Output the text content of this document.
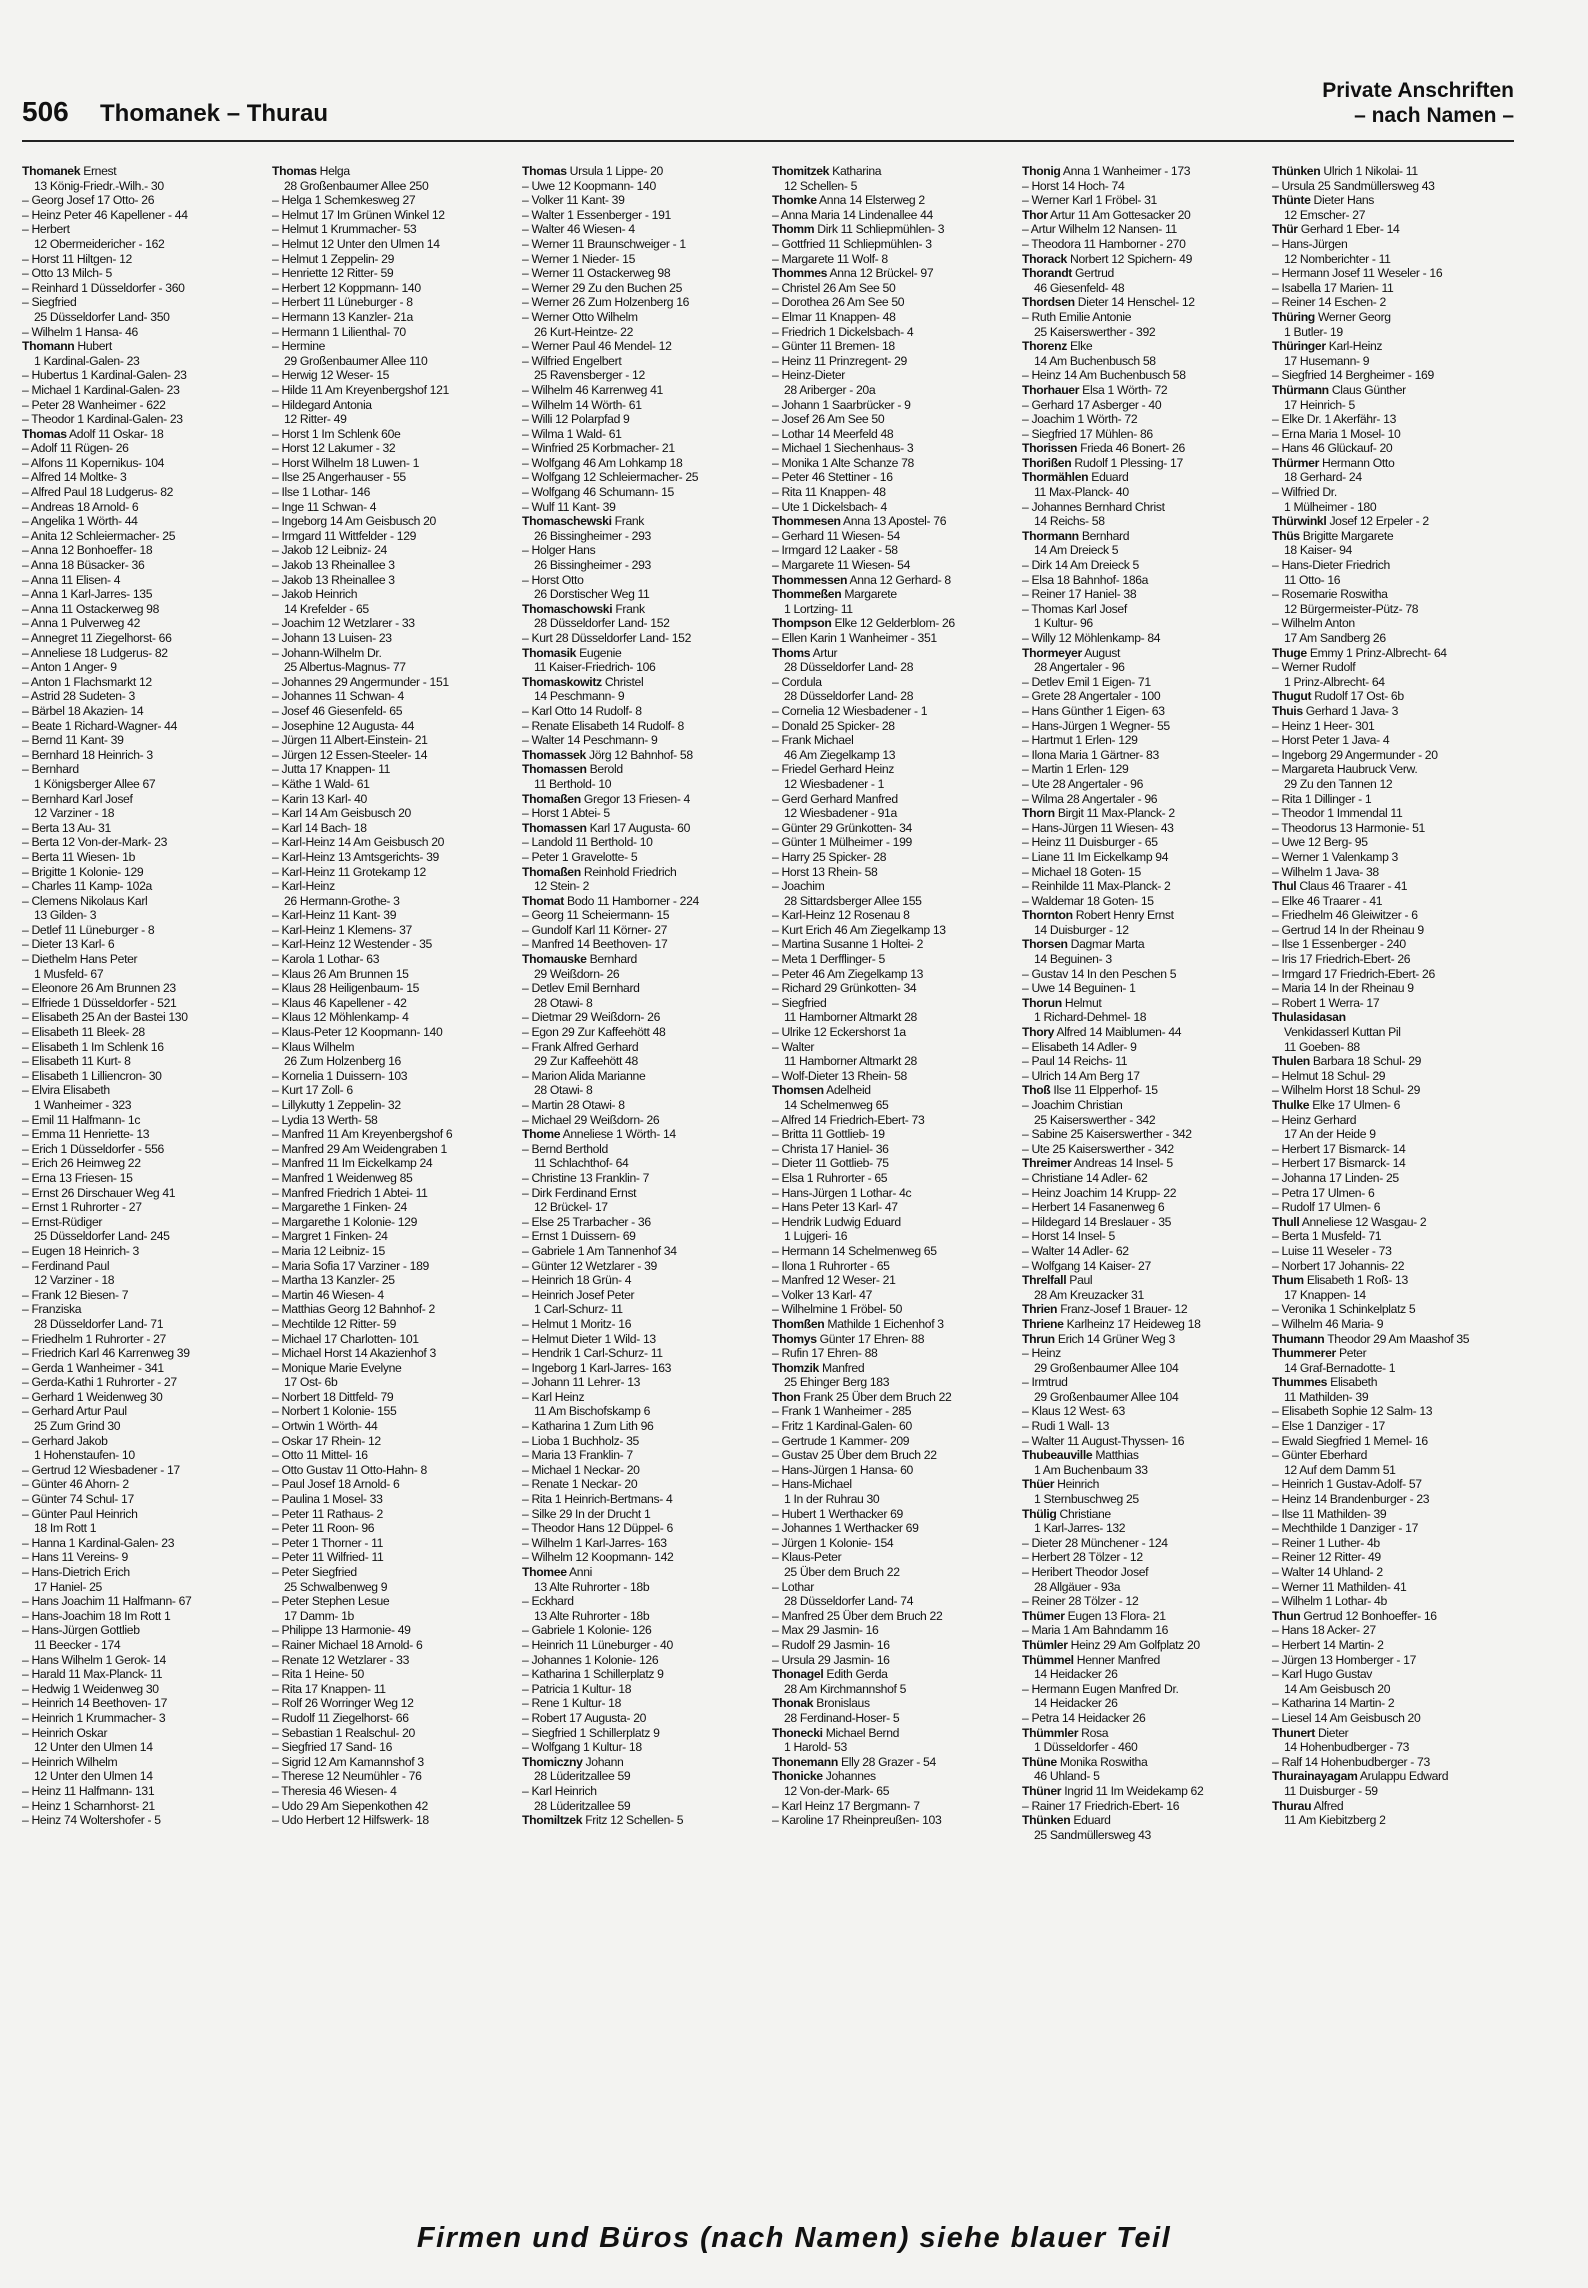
506 Thomanek – Thurau
Private Anschriften
– nach Namen –
Thomanek Ernest
13 König-Friedr.-Wilh.- 30
– Georg Josef 17 Otto- 26
– Heinz Peter 46 Kapellener - 44
– Herbert
12 Obermeidericher - 162
– Horst 11 Hiltgen- 12
– Otto 13 Milch- 5
– Reinhard 1 Düsseldorfer - 360
– Siegfried
25 Düsseldorfer Land- 350
– Wilhelm 1 Hansa- 46
Thomann Hubert
1 Kardinal-Galen- 23
– Hubertus 1 Kardinal-Galen- 23
– Michael 1 Kardinal-Galen- 23
– Peter 28 Wanheimer - 622
– Theodor 1 Kardinal-Galen- 23
Thomas Adolf 11 Oskar- 18
– Adolf 11 Rügen- 26
– Alfons 11 Kopernikus- 104
– Alfred 14 Moltke- 3
– Alfred Paul 18 Ludgerus- 82
– Andreas 18 Arnold- 6
– Angelika 1 Wörth- 44
– Anita 12 Schleiermacher- 25
– Anna 12 Bonhoeffer- 18
– Anna 18 Büsacker- 36
– Anna 11 Elisen- 4
– Anna 1 Karl-Jarres- 135
– Anna 11 Ostackerweg 98
– Anna 1 Pulverweg 42
– Annegret 11 Ziegelhorst- 66
– Anneliese 18 Ludgerus- 82
– Anton 1 Anger- 9
– Anton 1 Flachsmarkt 12
– Astrid 28 Sudeten- 3
– Bärbel 18 Akazien- 14
– Beate 1 Richard-Wagner- 44
– Bernd 11 Kant- 39
– Bernhard 18 Heinrich- 3
– Bernhard
1 Königsberger Allee 67
– Bernhard Karl Josef
12 Varziner - 18
– Berta 13 Au- 31
– Berta 12 Von-der-Mark- 23
– Berta 11 Wiesen- 1b
– Brigitte 1 Kolonie- 129
– Charles 11 Kamp- 102a
– Clemens Nikolaus Karl
13 Gilden- 3
– Detlef 11 Lüneburger - 8
– Dieter 13 Karl- 6
– Diethelm Hans Peter
1 Musfeld- 67
– Eleonore 26 Am Brunnen 23
– Elfriede 1 Düsseldorfer - 521
– Elisabeth 25 An der Bastei 130
– Elisabeth 11 Bleek- 28
– Elisabeth 1 Im Schlenk 16
– Elisabeth 11 Kurt- 8
– Elisabeth 1 Lilliencron- 30
– Elvira Elisabeth
1 Wanheimer - 323
– Emil 11 Halfmann- 1c
– Emma 11 Henriette- 13
– Erich 1 Düsseldorfer - 556
– Erich 26 Heimweg 22
– Erna 13 Friesen- 15
– Ernst 26 Dirschauer Weg 41
– Ernst 1 Ruhrorter - 27
– Ernst-Rüdiger
25 Düsseldorfer Land- 245
– Eugen 18 Heinrich- 3
– Ferdinand Paul
12 Varziner - 18
– Frank 12 Biesen- 7
– Franziska
28 Düsseldorfer Land- 71
– Friedhelm 1 Ruhrorter - 27
– Friedrich Karl 46 Karrenweg 39
– Gerda 1 Wanheimer - 341
– Gerda-Kathi 1 Ruhrorter - 27
– Gerhard 1 Weidenweg 30
– Gerhard Artur Paul
25 Zum Grind 30
– Gerhard Jakob
1 Hohenstaufen- 10
– Gertrud 12 Wiesbadener - 17
– Günter 46 Ahorn- 2
– Günter 74 Schul- 17
– Günter Paul Heinrich
18 Im Rott 1
– Hanna 1 Kardinal-Galen- 23
– Hans 11 Vereins- 9
– Hans-Dietrich Erich
17 Haniel- 25
– Hans Joachim 11 Halfmann- 67
– Hans-Joachim 18 Im Rott 1
– Hans-Jürgen Gottlieb
11 Beecker - 174
– Hans Wilhelm 1 Gerok- 14
– Harald 11 Max-Planck- 11
– Hedwig 1 Weidenweg 30
– Heinrich 14 Beethoven- 17
– Heinrich 1 Krummacher- 3
– Heinrich Oskar
12 Unter den Ulmen 14
– Heinrich Wilhelm
12 Unter den Ulmen 14
– Heinz 11 Halfmann- 131
– Heinz 1 Scharnhorst- 21
– Heinz 74 Woltershofer - 5
Thomas Helga
28 Großenbaumer Allee 250
– Helga 1 Schemkesweg 27
– Helmut 17 Im Grünen Winkel 12
– Helmut 1 Krummacher- 53
– Helmut 12 Unter den Ulmen 14
– Helmut 1 Zeppelin- 29
– Henriette 12 Ritter- 59
– Herbert 12 Koppmann- 140
– Herbert 11 Lüneburger - 8
– Hermann 13 Kanzler- 21a
– Hermann 1 Lilienthal- 70
– Hermine
29 Großenbaumer Allee 110
– Herwig 12 Weser- 15
– Hilde 11 Am Kreyenbergshof 121
– Hildegard Antonia
12 Ritter- 49
– Horst 1 Im Schlenk 60e
– Horst 12 Lakumer - 32
– Horst Wilhelm 18 Luwen- 1
– Ilse 25 Angerhauser - 55
– Ilse 1 Lothar- 146
– Inge 11 Schwan- 4
– Ingeborg 14 Am Geisbusch 20
– Irmgard 11 Wittfelder - 129
– Jakob 12 Leibniz- 24
– Jakob 13 Rheinallee 3
– Jakob 13 Rheinallee 3
– Jakob Heinrich
14 Krefelder - 65
– Joachim 12 Wetzlarer - 33
– Johann 13 Luisen- 23
– Johann-Wilhelm Dr.
25 Albertus-Magnus- 77
– Johannes 29 Angermunder - 151
– Johannes 11 Schwan- 4
– Josef 46 Giesenfeld- 65
– Josephine 12 Augusta- 44
– Jürgen 11 Albert-Einstein- 21
– Jürgen 12 Essen-Steeler- 14
– Jutta 17 Knappen- 11
– Käthe 1 Wald- 61
– Karin 13 Karl- 40
– Karl 14 Am Geisbusch 20
– Karl 14 Bach- 18
– Karl-Heinz 14 Am Geisbusch 20
– Karl-Heinz 13 Amtsgerichts- 39
– Karl-Heinz 11 Grotekamp 12
– Karl-Heinz
26 Hermann-Grothe- 3
– Karl-Heinz 11 Kant- 39
– Karl-Heinz 1 Klemens- 37
– Karl-Heinz 12 Westender - 35
– Karola 1 Lothar- 63
– Klaus 26 Am Brunnen 15
– Klaus 28 Heiligenbaum- 15
– Klaus 46 Kapellener - 42
– Klaus 12 Möhlenkamp- 4
– Klaus-Peter 12 Koopmann- 140
– Klaus Wilhelm
26 Zum Holzenberg 16
– Kornelia 1 Duissern- 103
– Kurt 17 Zoll- 6
– Lillykutty 1 Zeppelin- 32
– Lydia 13 Werth- 58
– Manfred 11 Am Kreyenbergshof 6
– Manfred 29 Am Weidengraben 1
– Manfred 11 Im Eickelkamp 24
– Manfred 1 Weidenweg 85
– Manfred Friedrich 1 Abtei- 11
– Margarethe 1 Finken- 24
– Margarethe 1 Kolonie- 129
– Margret 1 Finken- 24
– Maria 12 Leibniz- 15
– Maria Sofia 17 Varziner - 189
– Martha 13 Kanzler- 25
– Martin 46 Wiesen- 4
– Matthias Georg 12 Bahnhof- 2
– Mechtilde 12 Ritter- 59
– Michael 17 Charlotten- 101
– Michael Horst 14 Akazienhof 3
– Monique Marie Evelyne
17 Ost- 6b
– Norbert 18 Dittfeld- 79
– Norbert 1 Kolonie- 155
– Ortwin 1 Wörth- 44
– Oskar 17 Rhein- 12
– Otto 11 Mittel- 16
– Otto Gustav 11 Otto-Hahn- 8
– Paul Josef 18 Arnold- 6
– Paulina 1 Mosel- 33
– Peter 11 Rathaus- 2
– Peter 11 Roon- 96
– Peter 1 Thorner - 11
– Peter 11 Wilfried- 11
– Peter Siegfried
25 Schwalbenweg 9
– Peter Stephen Lesue
17 Damm- 1b
– Philippe 13 Harmonie- 49
– Rainer Michael 18 Arnold- 6
– Renate 12 Wetzlarer - 33
– Rita 1 Heine- 50
– Rita 17 Knappen- 11
– Rolf 26 Worringer Weg 12
– Rudolf 11 Ziegelhorst- 66
– Sebastian 1 Realschul- 20
– Siegfried 17 Sand- 16
– Sigrid 12 Am Kamannshof 3
– Therese 12 Neumühler - 76
– Theresia 46 Wiesen- 4
– Udo 29 Am Siepenkothen 42
– Udo Herbert 12 Hilfswerk- 18
Thomas Ursula 1 Lippe- 20
– Uwe 12 Koopmann- 140
– Volker 11 Kant- 39
– Walter 1 Essenberger - 191
– Walter 46 Wiesen- 4
– Werner 11 Braunschweiger - 1
– Werner 1 Nieder- 15
– Werner 11 Ostackerweg 98
– Werner 29 Zu den Buchen 25
– Werner 26 Zum Holzenberg 16
– Werner Otto Wilhelm
26 Kurt-Heintze- 22
– Werner Paul 46 Mendel- 12
– Wilfried Engelbert
25 Ravensberger - 12
– Wilhelm 46 Karrenweg 41
– Wilhelm 14 Wörth- 61
– Willi 12 Polarpfad 9
– Wilma 1 Wald- 61
– Winfried 25 Korbmacher- 21
– Wolfgang 46 Am Lohkamp 18
– Wolfgang 12 Schleiermacher- 25
– Wolfgang 46 Schumann- 15
– Wulf 11 Kant- 39
Thomaschewski Frank
26 Bissingheimer - 293
– Holger Hans
26 Bissingheimer - 293
– Horst Otto
26 Dorstischer Weg 11
Thomaschowski Frank
28 Düsseldorfer Land- 152
– Kurt 28 Düsseldorfer Land- 152
Thomasik Eugenie
11 Kaiser-Friedrich- 106
Thomaskowitz Christel
14 Peschmann- 9
– Karl Otto 14 Rudolf- 8
– Renate Elisabeth 14 Rudolf- 8
– Walter 14 Peschmann- 9
Thomassek Jörg 12 Bahnhof- 58
Thomassen Berold
11 Berthold- 10
Thomaßen Gregor 13 Friesen- 4
– Horst 1 Abtei- 5
Thomassen Karl 17 Augusta- 60
– Landold 11 Berthold- 10
– Peter 1 Gravelotte- 5
Thomaßen Reinhold Friedrich
12 Stein- 2
Thomat Bodo 11 Hamborner - 224
– Georg 11 Scheiermann- 15
– Gundolf Karl 11 Körner- 27
– Manfred 14 Beethoven- 17
Thomauske Bernhard
29 Weißdorn- 26
– Detlev Emil Bernhard
28 Otawi- 8
– Dietmar 29 Weißdorn- 26
– Egon 29 Zur Kaffeehött 48
– Frank Alfred Gerhard
29 Zur Kaffeehött 48
– Marion Alida Marianne
28 Otawi- 8
– Martin 28 Otawi- 8
– Michael 29 Weißdorn- 26
Thome Anneliese 1 Wörth- 14
– Bernd Berthold
11 Schlachthof- 64
– Christine 13 Franklin- 7
– Dirk Ferdinand Ernst
12 Brückel- 17
– Else 25 Trarbacher - 36
– Ernst 1 Duissern- 69
– Gabriele 1 Am Tannenhof 34
– Günter 12 Wetzlarer - 39
– Heinrich 18 Grün- 4
– Heinrich Josef Peter
1 Carl-Schurz- 11
– Helmut 1 Moritz- 16
– Helmut Dieter 1 Wild- 13
– Hendrik 1 Carl-Schurz- 11
– Ingeborg 1 Karl-Jarres- 163
– Johann 11 Lehrer- 13
– Karl Heinz
11 Am Bischofskamp 6
– Katharina 1 Zum Lith 96
– Lioba 1 Buchholz- 35
– Maria 13 Franklin- 7
– Michael 1 Neckar- 20
– Renate 1 Neckar- 20
– Rita 1 Heinrich-Bertmans- 4
– Silke 29 In der Drucht 1
– Theodor Hans 12 Düppel- 6
– Wilhelm 1 Karl-Jarres- 163
– Wilhelm 12 Koopmann- 142
Thomee Anni
13 Alte Ruhrorter - 18b
– Eckhard
13 Alte Ruhrorter - 18b
– Gabriele 1 Kolonie- 126
– Heinrich 11 Lüneburger - 40
– Johannes 1 Kolonie- 126
– Katharina 1 Schillerplatz 9
– Patricia 1 Kultur- 18
– Rene 1 Kultur- 18
– Robert 17 Augusta- 20
– Siegfried 1 Schillerplatz 9
– Wolfgang 1 Kultur- 18
Thomiczny Johann
28 Lüderitzallee 59
– Karl Heinrich
28 Lüderitzallee 59
Thomiltzek Fritz 12 Schellen- 5
Thomitzek Katharina
12 Schellen- 5
Thomke Anna 14 Elsterweg 2
– Anna Maria 14 Lindenallee 44
Thomm Dirk 11 Schliepmühlen- 3
– Gottfried 11 Schliepmühlen- 3
– Margarete 11 Wolf- 8
Thommes Anna 12 Brückel- 97
– Christel 26 Am See 50
– Dorothea 26 Am See 50
– Elmar 11 Knappen- 48
– Friedrich 1 Dickelsbach- 4
– Günter 11 Bremen- 18
– Heinz 11 Prinzregent- 29
– Heinz-Dieter
28 Ariberger - 20a
– Johann 1 Saarbrücker - 9
– Josef 26 Am See 50
– Lothar 14 Meerfeld 48
– Michael 1 Siechenhaus- 3
– Monika 1 Alte Schanze 78
– Peter 46 Stettiner - 16
– Rita 11 Knappen- 48
– Ute 1 Dickelsbach- 4
Thommesen Anna 13 Apostel- 76
– Gerhard 11 Wiesen- 54
– Irmgard 12 Laaker - 58
– Margarete 11 Wiesen- 54
Thommessen Anna 12 Gerhard- 8
Thommeßen Margarete
1 Lortzing- 11
Thompson Elke 12 Gelderblom- 26
– Ellen Karin 1 Wanheimer - 351
Thoms Artur
28 Düsseldorfer Land- 28
– Cordula
28 Düsseldorfer Land- 28
– Cornelia 12 Wiesbadener - 1
– Donald 25 Spicker- 28
– Frank Michael
46 Am Ziegelkamp 13
– Friedel Gerhard Heinz
12 Wiesbadener - 1
– Gerd Gerhard Manfred
12 Wiesbadener - 91a
– Günter 29 Grünkotten- 34
– Günter 1 Mülheimer - 199
– Harry 25 Spicker- 28
– Horst 13 Rhein- 58
– Joachim
28 Sittardsberger Allee 155
– Karl-Heinz 12 Rosenau 8
– Kurt Erich 46 Am Ziegelkamp 13
– Martina Susanne 1 Holtei- 2
– Meta 1 Derfflinger- 5
– Peter 46 Am Ziegelkamp 13
– Richard 29 Grünkotten- 34
– Siegfried
11 Hamborner Altmarkt 28
– Ulrike 12 Eckershorst 1a
– Walter
11 Hamborner Altmarkt 28
– Wolf-Dieter 13 Rhein- 58
Thomsen Adelheid
14 Schelmenweg 65
– Alfred 14 Friedrich-Ebert- 73
– Britta 11 Gottlieb- 19
– Christa 17 Haniel- 36
– Dieter 11 Gottlieb- 75
– Elsa 1 Ruhrorter - 65
– Hans-Jürgen 1 Lothar- 4c
– Hans Peter 13 Karl- 47
– Hendrik Ludwig Eduard
1 Lujgeri- 16
– Hermann 14 Schelmenweg 65
– Ilona 1 Ruhrorter - 65
– Manfred 12 Weser- 21
– Volker 13 Karl- 47
– Wilhelmine 1 Fröbel- 50
Thomßen Mathilde 1 Eichenhof 3
Thomys Günter 17 Ehren- 88
– Rufin 17 Ehren- 88
Thomzik Manfred
25 Ehinger Berg 183
Thon Frank 25 Über dem Bruch 22
– Frank 1 Wanheimer - 285
– Fritz 1 Kardinal-Galen- 60
– Gertrude 1 Kammer- 209
– Gustav 25 Über dem Bruch 22
– Hans-Jürgen 1 Hansa- 60
– Hans-Michael
1 In der Ruhrau 30
– Hubert 1 Werthacker 69
– Johannes 1 Werthacker 69
– Jürgen 1 Kolonie- 154
– Klaus-Peter
25 Über dem Bruch 22
– Lothar
28 Düsseldorfer Land- 74
– Manfred 25 Über dem Bruch 22
– Max 29 Jasmin- 16
– Rudolf 29 Jasmin- 16
– Ursula 29 Jasmin- 16
Thonagel Edith Gerda
28 Am Kirchmannshof 5
Thonak Bronislaus
28 Ferdinand-Hoser- 5
Thonecki Michael Bernd
1 Harold- 53
Thonemann Elly 28 Grazer - 54
Thonicke Johannes
12 Von-der-Mark- 65
– Karl Heinz 17 Bergmann- 7
– Karoline 17 Rheinpreußen- 103
Thonig Anna 1 Wanheimer - 173
– Horst 14 Hoch- 74
– Werner Karl 1 Fröbel- 31
Thor Artur 11 Am Gottesacker 20
– Artur Wilhelm 12 Nansen- 11
– Theodora 11 Hamborner - 270
Thorack Norbert 12 Spichern- 49
Thorandt Gertrud
46 Giesenfeld- 48
Thordsen Dieter 14 Henschel- 12
– Ruth Emilie Antonie
25 Kaiserswerther - 392
Thorenz Elke
14 Am Buchenbusch 58
– Heinz 14 Am Buchenbusch 58
Thorhauer Elsa 1 Wörth- 72
– Gerhard 17 Asberger - 40
– Joachim 1 Wörth- 72
– Siegfried 17 Mühlen- 86
Thorissen Frieda 46 Bonert- 26
Thorißen Rudolf 1 Plessing- 17
Thormählen Eduard
11 Max-Planck- 40
– Johannes Bernhard Christ
14 Reichs- 58
Thormann Bernhard
14 Am Dreieck 5
– Dirk 14 Am Dreieck 5
– Elsa 18 Bahnhof- 186a
– Reiner 17 Haniel- 38
– Thomas Karl Josef
1 Kultur- 96
– Willy 12 Möhlenkamp- 84
Thormeyer August
28 Angertaler - 96
– Detlev Emil 1 Eigen- 71
– Grete 28 Angertaler - 100
– Hans Günther 1 Eigen- 63
– Hans-Jürgen 1 Wegner- 55
– Hartmut 1 Erlen- 129
– Ilona Maria 1 Gärtner- 83
– Martin 1 Erlen- 129
– Ute 28 Angertaler - 96
– Wilma 28 Angertaler - 96
Thorn Birgit 11 Max-Planck- 2
– Hans-Jürgen 11 Wiesen- 43
– Heinz 11 Duisburger - 65
– Liane 11 Im Eickelkamp 94
– Michael 18 Goten- 15
– Reinhilde 11 Max-Planck- 2
– Waldemar 18 Goten- 15
Thornton Robert Henry Ernst
14 Duisburger - 12
Thorsen Dagmar Marta
14 Beguinen- 3
– Gustav 14 In den Peschen 5
– Uwe 14 Beguinen- 1
Thorun Helmut
1 Richard-Dehmel- 18
Thory Alfred 14 Maiblumen- 44
– Elisabeth 14 Adler- 9
– Paul 14 Reichs- 11
– Ulrich 14 Am Berg 17
Thoß Ilse 11 Elpperhof- 15
– Joachim Christian
25 Kaiserswerther - 342
– Sabine 25 Kaiserswerther - 342
– Ute 25 Kaiserswerther - 342
Threimer Andreas 14 Insel- 5
– Christiane 14 Adler- 62
– Heinz Joachim 14 Krupp- 22
– Herbert 14 Fasanenweg 6
– Hildegard 14 Breslauer - 35
– Horst 14 Insel- 5
– Walter 14 Adler- 62
– Wolfgang 14 Kaiser- 27
Threlfall Paul
28 Am Kreuzacker 31
Thrien Franz-Josef 1 Brauer- 12
Thriene Karlheinz 17 Heideweg 18
Thrun Erich 14 Grüner Weg 3
– Heinz
29 Großenbaumer Allee 104
– Irmtrud
29 Großenbaumer Allee 104
– Klaus 12 West- 63
– Rudi 1 Wall- 13
– Walter 11 August-Thyssen- 16
Thubeauville Matthias
1 Am Buchenbaum 33
Thüer Heinrich
1 Sternbuschweg 25
Thülig Christiane
1 Karl-Jarres- 132
– Dieter 28 Münchener - 124
– Herbert 28 Tölzer - 12
– Heribert Theodor Josef
28 Allgäuer - 93a
– Reiner 28 Tölzer - 12
Thümer Eugen 13 Flora- 21
– Maria 1 Am Bahndamm 16
Thümler Heinz 29 Am Golfplatz 20
Thümmel Henner Manfred
14 Heidacker 26
– Hermann Eugen Manfred Dr.
14 Heidacker 26
– Petra 14 Heidacker 26
Thümmler Rosa
1 Düsseldorfer - 460
Thüne Monika Roswitha
46 Uhland- 5
Thüner Ingrid 11 Im Weidekamp 62
– Rainer 17 Friedrich-Ebert- 16
Thünken Eduard
25 Sandmüllersweg 43
Thünken Ulrich 1 Nikolai- 11
– Ursula 25 Sandmüllersweg 43
Thünte Dieter Hans
12 Emscher- 27
Thür Gerhard 1 Eber- 14
– Hans-Jürgen
12 Nomberichter - 11
– Hermann Josef 11 Weseler - 16
– Isabella 17 Marien- 11
– Reiner 14 Eschen- 2
Thüring Werner Georg
1 Butler- 19
Thüringer Karl-Heinz
17 Husemann- 9
– Siegfried 14 Bergheimer - 169
Thürmann Claus Günther
17 Heinrich- 5
– Elke Dr. 1 Akerfähr- 13
– Erna Maria 1 Mosel- 10
– Hans 46 Glückauf- 20
Thürmer Hermann Otto
18 Gerhard- 24
– Wilfried Dr.
1 Mülheimer - 180
Thürwinkl Josef 12 Erpeler - 2
Thüs Brigitte Margarete
18 Kaiser- 94
– Hans-Dieter Friedrich
11 Otto- 16
– Rosemarie Roswitha
12 Bürgermeister-Pütz- 78
– Wilhelm Anton
17 Am Sandberg 26
Thuge Emmy 1 Prinz-Albrecht- 64
– Werner Rudolf
1 Prinz-Albrecht- 64
Thugut Rudolf 17 Ost- 6b
Thuis Gerhard 1 Java- 3
– Heinz 1 Heer- 301
– Horst Peter 1 Java- 4
– Ingeborg 29 Angermunder - 20
– Margareta Haubruck Verw.
29 Zu den Tannen 12
– Rita 1 Dillinger - 1
– Theodor 1 Immendal 11
– Theodorus 13 Harmonie- 51
– Uwe 12 Berg- 95
– Werner 1 Valenkamp 3
– Wilhelm 1 Java- 38
Thul Claus 46 Traarer - 41
– Elke 46 Traarer - 41
– Friedhelm 46 Gleiwitzer - 6
– Gertrud 14 In der Rheinau 9
– Ilse 1 Essenberger - 240
– Iris 17 Friedrich-Ebert- 26
– Irmgard 17 Friedrich-Ebert- 26
– Maria 14 In der Rheinau 9
– Robert 1 Werra- 17
Thulasidasan
Venkidasserl Kuttan Pil
11 Goeben- 88
Thulen Barbara 18 Schul- 29
– Helmut 18 Schul- 29
– Wilhelm Horst 18 Schul- 29
Thulke Elke 17 Ulmen- 6
– Heinz Gerhard
17 An der Heide 9
– Herbert 17 Bismarck- 14
– Herbert 17 Bismarck- 14
– Johanna 17 Linden- 25
– Petra 17 Ulmen- 6
– Rudolf 17 Ulmen- 6
Thull Anneliese 12 Wasgau- 2
– Berta 1 Musfeld- 71
– Luise 11 Weseler - 73
– Norbert 17 Johannis- 22
Thum Elisabeth 1 Roß- 13
17 Knappen- 14
– Veronika 1 Schinkelplatz 5
– Wilhelm 46 Maria- 9
Thumann Theodor 29 Am Maashof 35
Thummerer Peter
14 Graf-Bernadotte- 1
Thummes Elisabeth
11 Mathilden- 39
– Elisabeth Sophie 12 Salm- 13
– Else 1 Danziger - 17
– Ewald Siegfried 1 Memel- 16
– Günter Eberhard
12 Auf dem Damm 51
– Heinrich 1 Gustav-Adolf- 57
– Heinz 14 Brandenburger - 23
– Ilse 11 Mathilden- 39
– Mechthilde 1 Danziger - 17
– Reiner 1 Luther- 4b
– Reiner 12 Ritter- 49
– Walter 14 Uhland- 2
– Werner 11 Mathilden- 41
– Wilhelm 1 Lothar- 4b
Thun Gertrud 12 Bonhoeffer- 16
– Hans 18 Acker- 27
– Herbert 14 Martin- 2
– Jürgen 13 Homberger - 17
– Karl Hugo Gustav
14 Am Geisbusch 20
– Katharina 14 Martin- 2
– Liesel 14 Am Geisbusch 20
Thunert Dieter
14 Hohenbudberger - 73
– Ralf 14 Hohenbudberger - 73
Thurainayagam Arulappu Edward
11 Duisburger - 59
Thurau Alfred
11 Am Kiebitzberg 2
Firmen und Büros (nach Namen) siehe blauer Teil
